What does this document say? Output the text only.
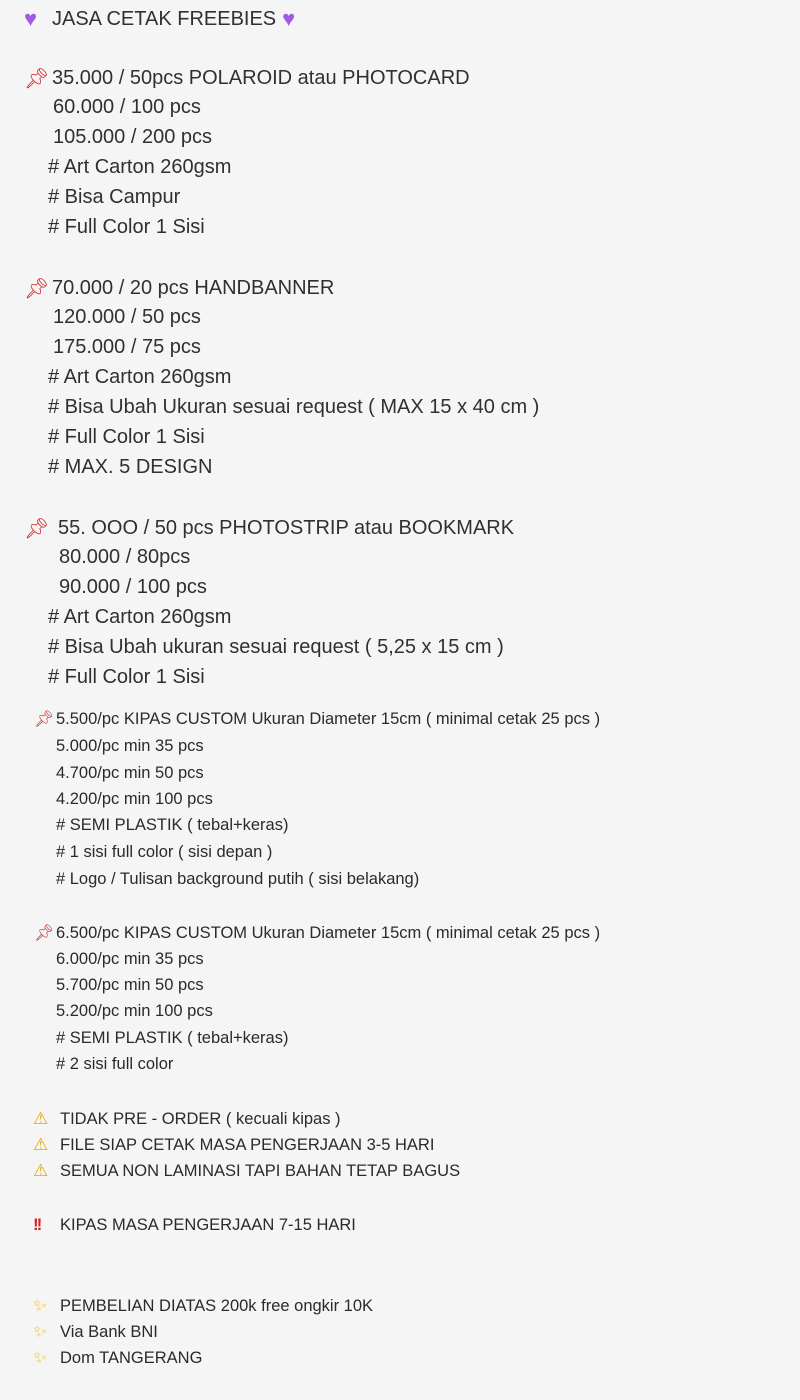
♥ JASA CETAK FREEBIES ♥
📌︎ 35.000 / 50pcs POLAROID atau PHOTOCARD
60.000 / 100 pcs
105.000 / 200 pcs
# Art Carton 260gsm
# Bisa Campur
# Full Color 1 Sisi
📌︎ 70.000 / 20 pcs HANDBANNER
120.000 / 50 pcs
175.000 / 75 pcs
# Art Carton 260gsm
# Bisa Ubah Ukuran sesuai request ( MAX 15 x 40 cm )
# Full Color 1 Sisi
# MAX. 5 DESIGN
📌︎ 55. OOO / 50 pcs PHOTOSTRIP atau BOOKMARK
80.000 / 80pcs
90.000 / 100 pcs
# Art Carton 260gsm
# Bisa Ubah ukuran sesuai request ( 5,25 x 15 cm )
# Full Color 1 Sisi
📌︎ 5.500/pc KIPAS CUSTOM Ukuran Diameter 15cm ( minimal cetak 25 pcs )
5.000/pc min 35 pcs
4.700/pc min 50 pcs
4.200/pc min 100 pcs
# SEMI PLASTIK ( tebal+keras)
# 1 sisi full color ( sisi depan )
# Logo / Tulisan background putih ( sisi belakang)
📌︎ 6.500/pc KIPAS CUSTOM Ukuran Diameter 15cm ( minimal cetak 25 pcs )
6.000/pc min 35 pcs
5.700/pc min 50 pcs
5.200/pc min 100 pcs
# SEMI PLASTIK ( tebal+keras)
# 2 sisi full color
⚠︎ TIDAK PRE - ORDER ( kecuali kipas )
⚠︎ FILE SIAP CETAK MASA PENGERJAAN 3-5 HARI
⚠︎ SEMUA NON LAMINASI TAPI BAHAN TETAP BAGUS
!!	KIPAS MASA PENGERJAAN 7-15 HARI
✨︎ PEMBELIAN DIATAS 200k free ongkir 10K
✨︎ Via Bank BNI
✨︎ Dom TANGERANG
